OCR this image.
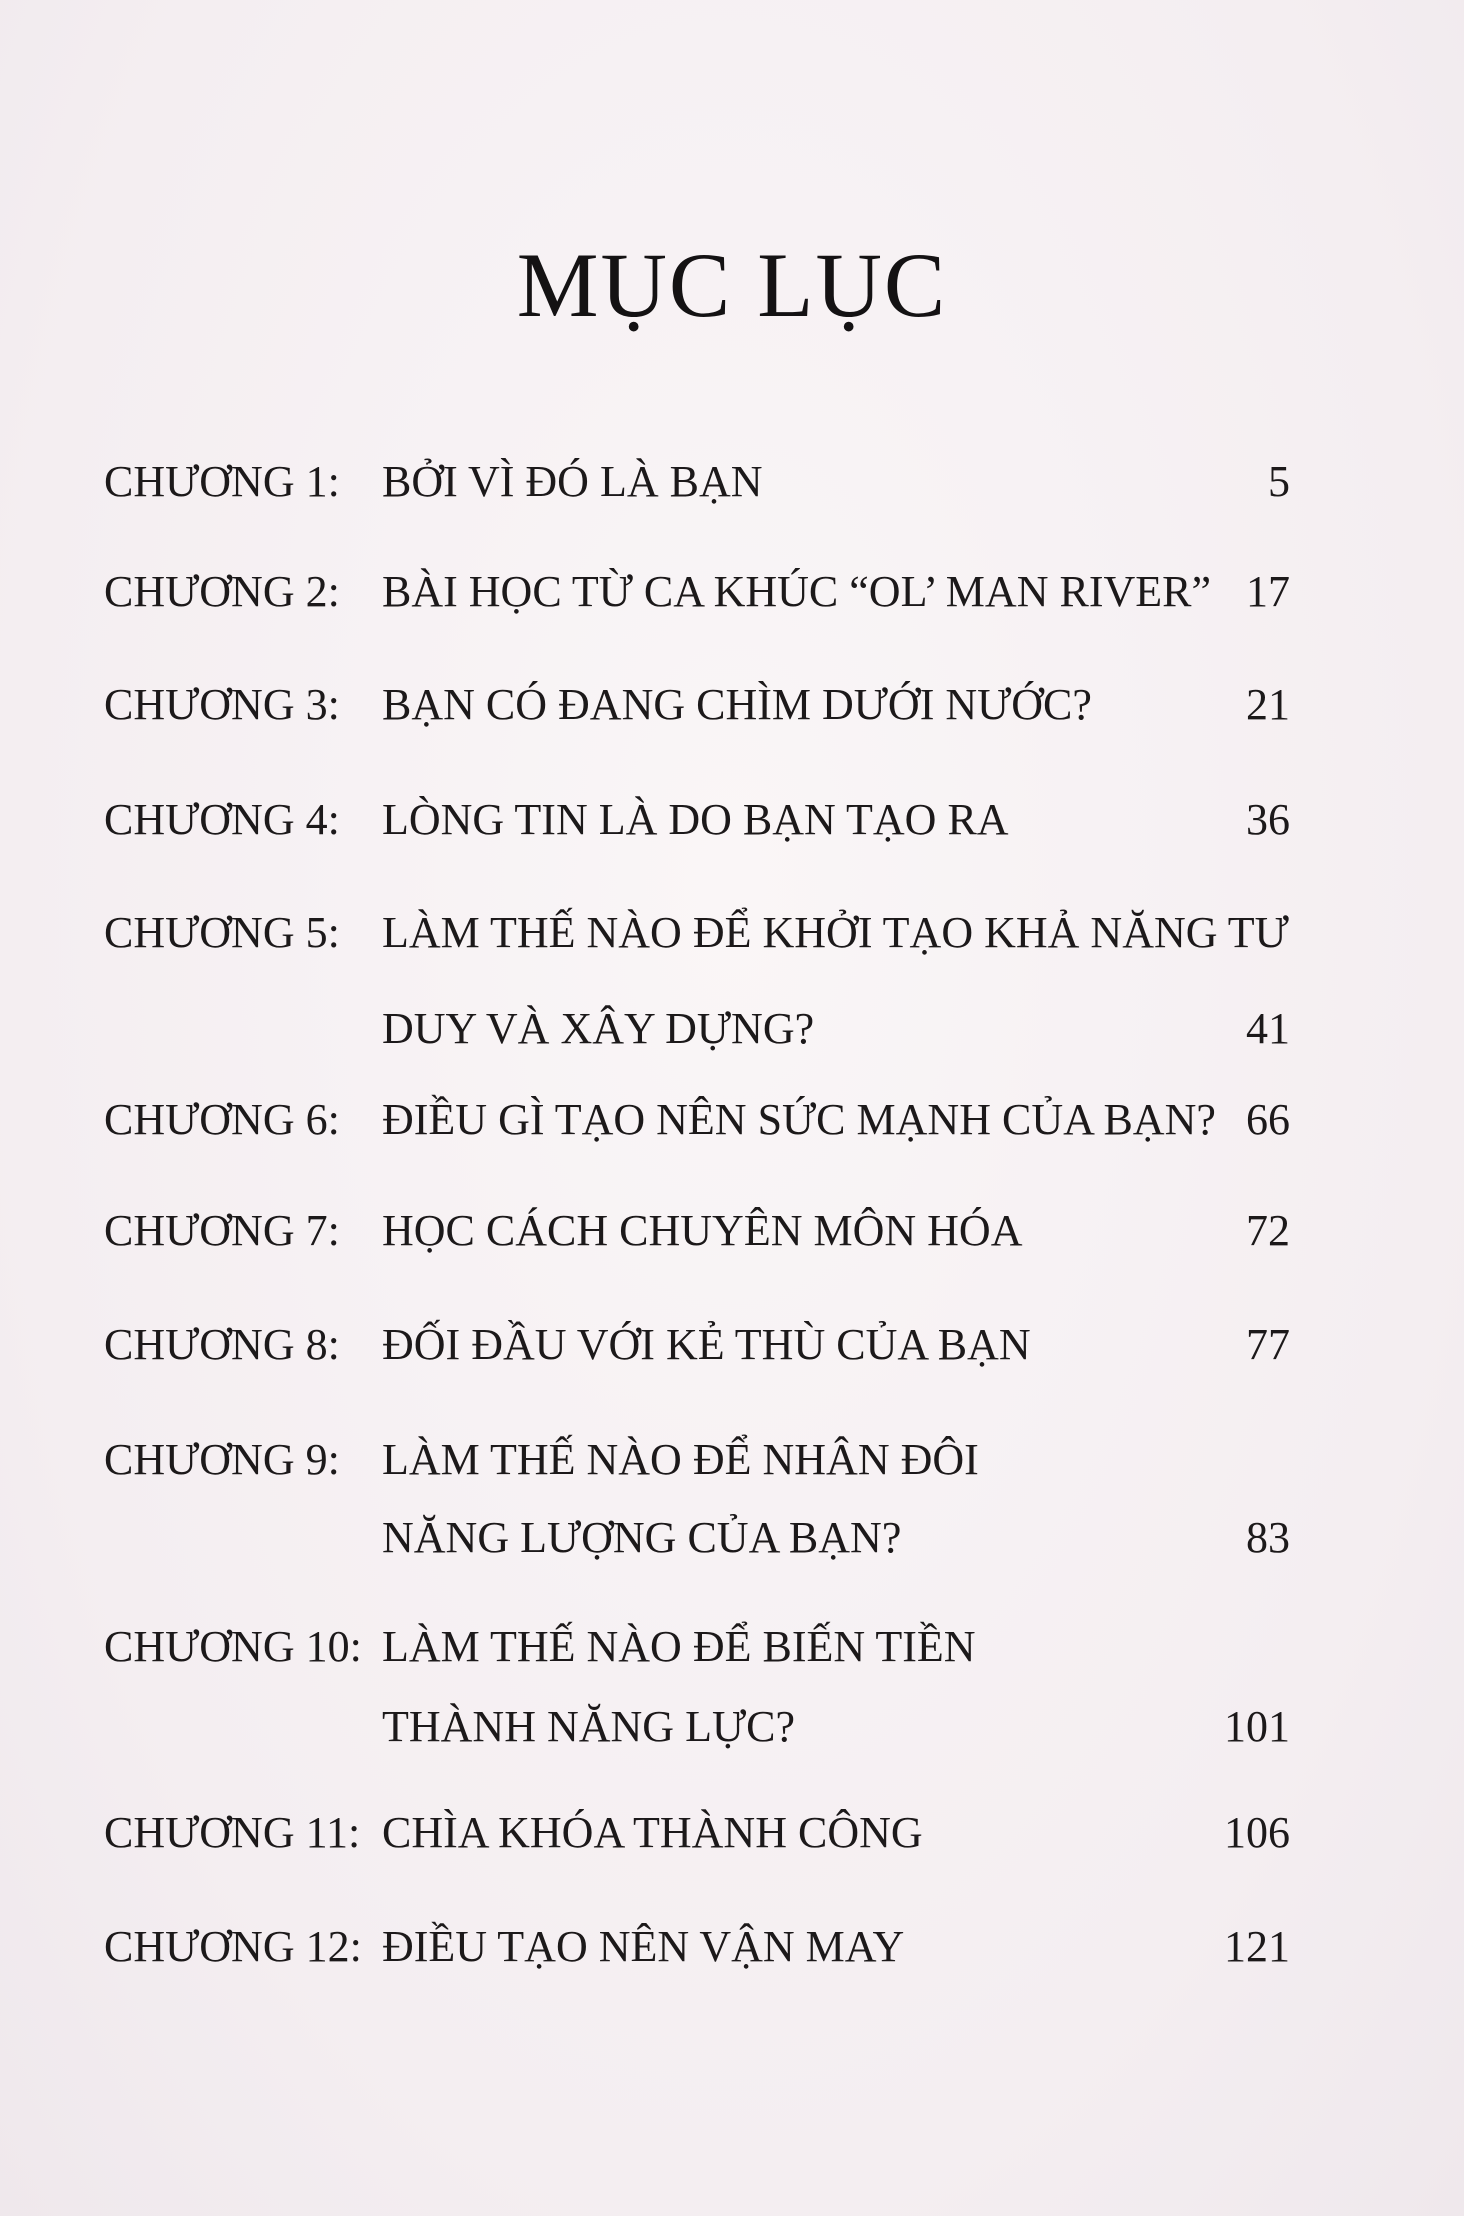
MỤC LỤC
CHƯƠNG 1: BỞI VÌ ĐÓ LÀ BẠN	5
CHƯƠNG 2: BÀI HỌC TỪ CA KHÚC “OL’ MAN RIVER” 17
CHƯƠNG 3: BẠN CÓ ĐANG CHÌM DƯỚI NƯỚC?	21
CHƯƠNG 4: LÒNG TIN LÀ DO BẠN TẠO RA	36
CHƯƠNG 5: LÀM THẾ NÀO ĐỂ KHỞI TẠO KHẢ NĂNG TƯ
DUY VÀ XÂY DỰNG?	41
CHƯƠNG 6: ĐIỀU GÌ TẠO NÊN SỨC MẠNH CỦA BẠN? 66
CHƯƠNG 7: HỌC CÁCH CHUYÊN MÔN HÓA	72
CHƯƠNG 8: ĐỐI ĐẦU VỚI KẺ THÙ CỦA BẠN	77
CHƯƠNG 9: LÀM THẾ NÀO ĐỂ NHÂN ĐÔI
NĂNG LƯỢNG CỦA BẠN?	83
CHƯƠNG 10: LÀM THẾ NÀO ĐỂ BIẾN TIỀN
THÀNH NĂNG LỰC?	101
CHƯƠNG 11: CHÌA KHÓA THÀNH CÔNG	106
CHƯƠNG 12: ĐIỀU TẠO NÊN VẬN MAY	121
